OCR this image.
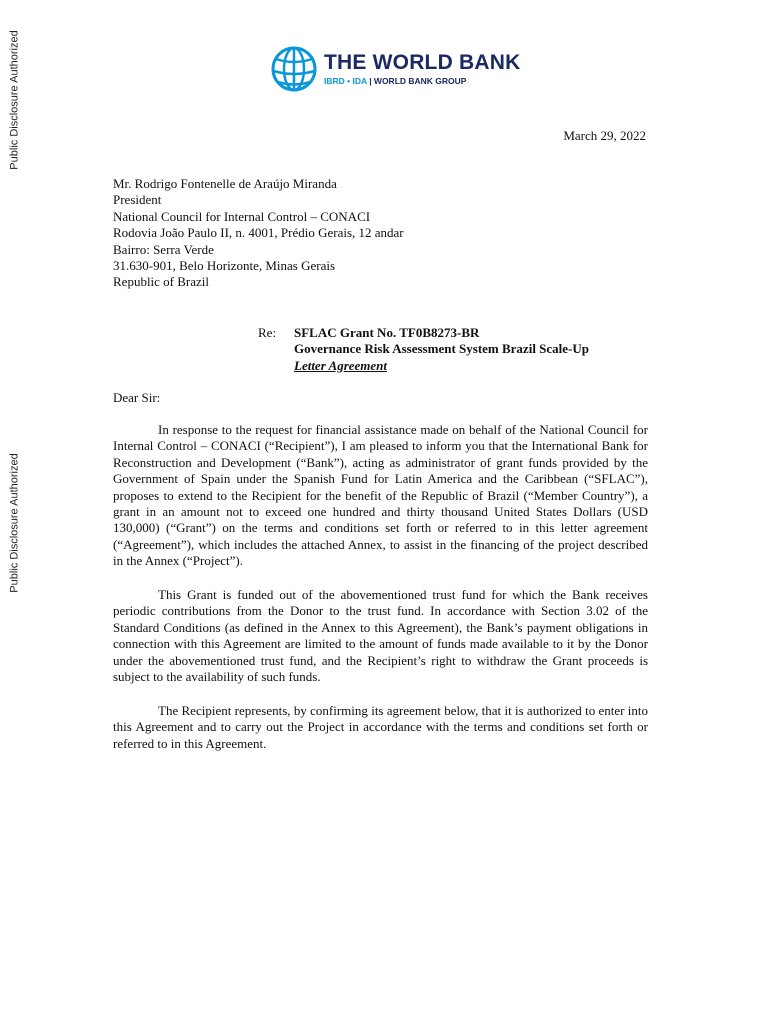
Public Disclosure Authorized
Public Disclosure Authorized
THE WORLD BANK
IBRD • IDA | WORLD BANK GROUP
March 29, 2022
Mr. Rodrigo Fontenelle de Araújo Miranda
President
National Council for Internal Control – CONACI
Rodovia João Paulo II, n. 4001, Prédio Gerais, 12 andar
Bairro: Serra Verde
31.630-901, Belo Horizonte, Minas Gerais
Republic of Brazil
Re:	SFLAC Grant No. TF0B8273-BR
Governance Risk Assessment System Brazil Scale-Up
Letter Agreement
Dear Sir:

In response to the request for financial assistance made on behalf of the National Council for Internal Control – CONACI (“Recipient”), I am pleased to inform you that the International Bank for Reconstruction and Development (“Bank”), acting as administrator of grant funds provided by the Government of Spain under the Spanish Fund for Latin America and the Caribbean (“SFLAC”), proposes to extend to the Recipient for the benefit of the Republic of Brazil (“Member Country”), a grant in an amount not to exceed one hundred and thirty thousand United States Dollars (USD 130,000) (“Grant”) on the terms and conditions set forth or referred to in this letter agreement (“Agreement”), which includes the attached Annex, to assist in the financing of the project described in the Annex (“Project”).

This Grant is funded out of the abovementioned trust fund for which the Bank receives periodic contributions from the Donor to the trust fund. In accordance with Section 3.02 of the Standard Conditions (as defined in the Annex to this Agreement), the Bank’s payment obligations in connection with this Agreement are limited to the amount of funds made available to it by the Donor under the abovementioned trust fund, and the Recipient’s right to withdraw the Grant proceeds is subject to the availability of such funds.

The Recipient represents, by confirming its agreement below, that it is authorized to enter into this Agreement and to carry out the Project in accordance with the terms and conditions set forth or referred to in this Agreement.
